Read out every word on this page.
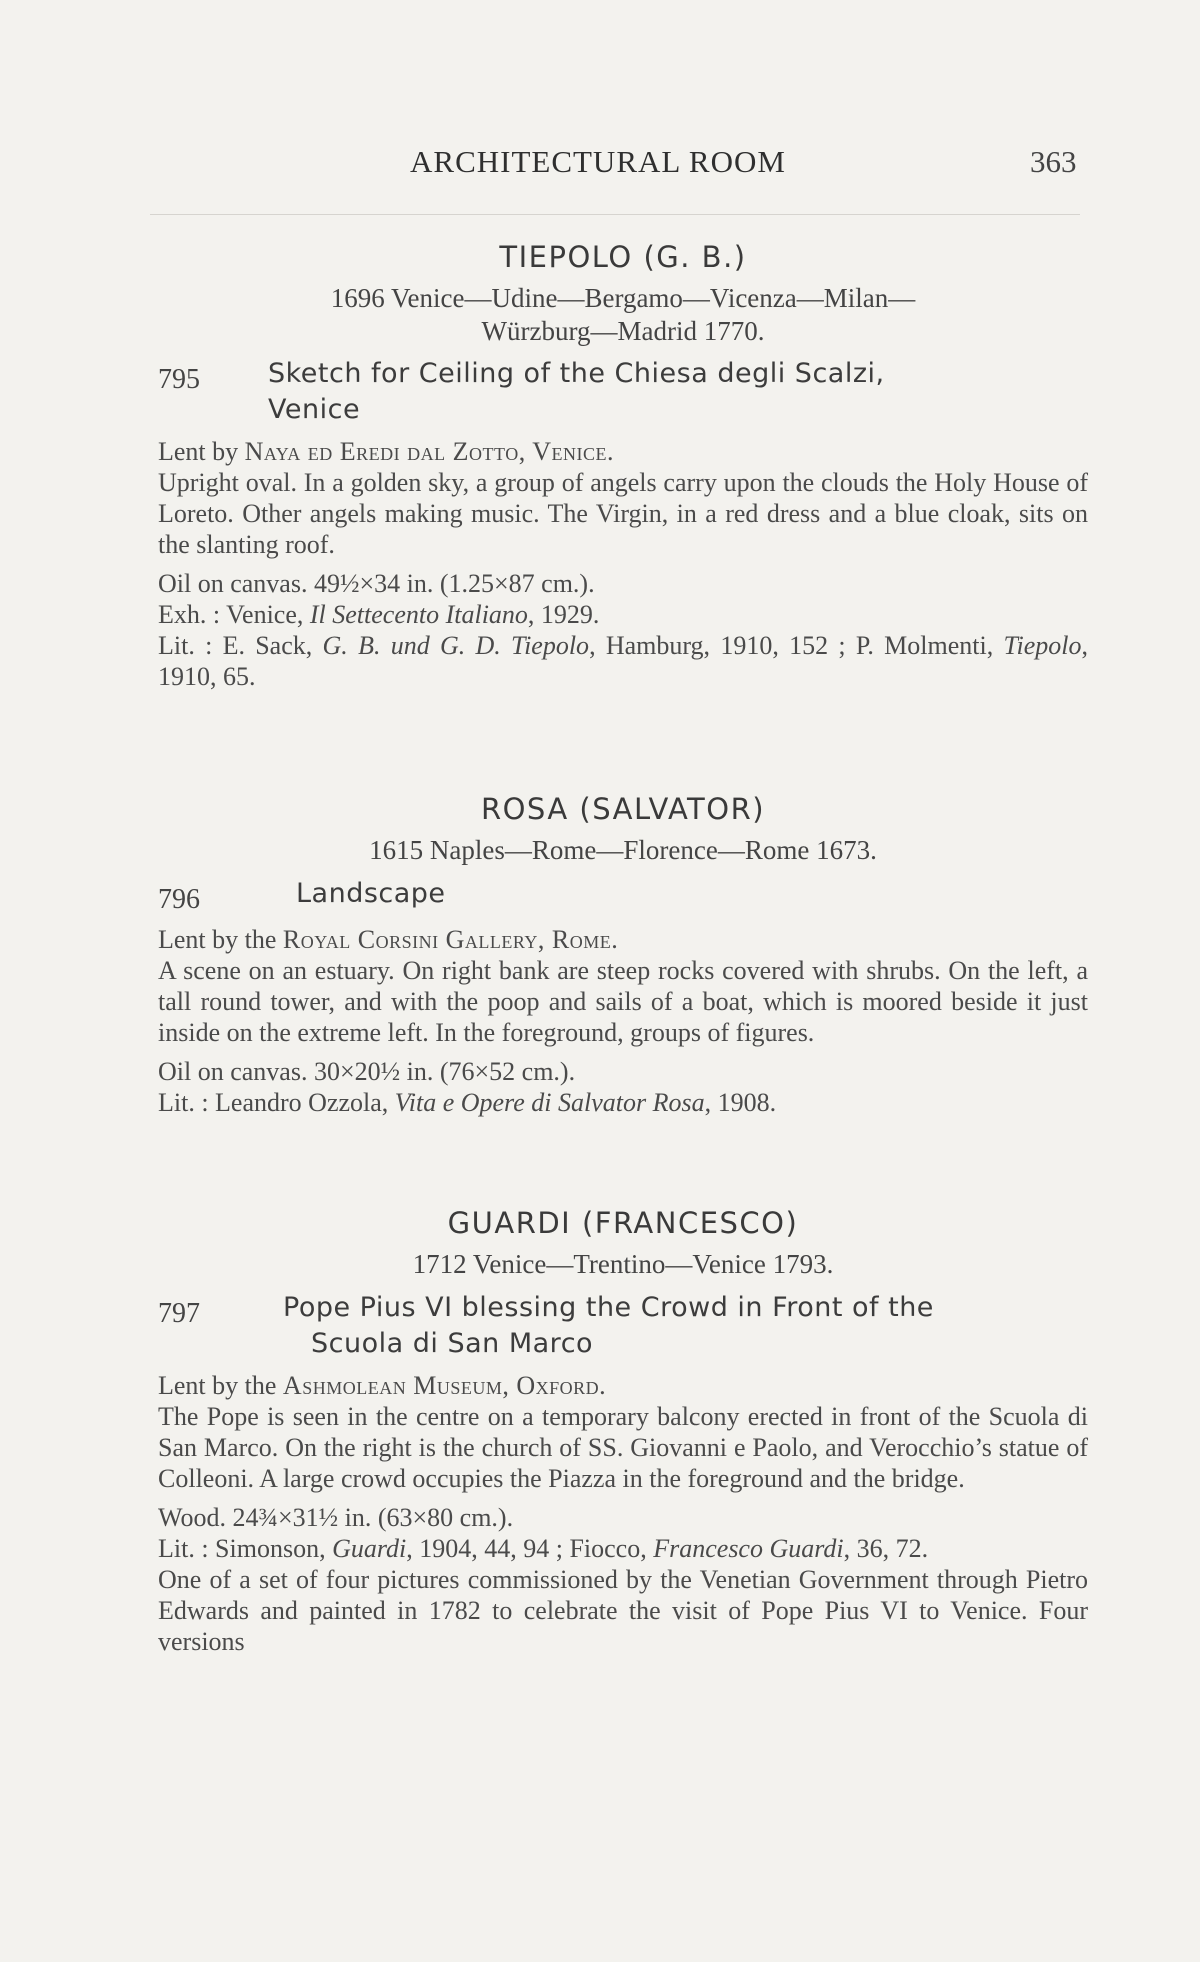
ARCHITECTURAL ROOM	363

TIEPOLO (G. B.)

1696 Venice—Udine—Bergamo—Vicenza—Milan—

Würzburg—Madrid 1770.

795	Sketch for Ceiling of the Chiesa degli Scalzi,
Venice

Lent by Naya ed Eredi dal Zotto, Venice.

Upright oval. In a golden sky, a group of angels carry upon the clouds the Holy House of Loreto. Other angels making music. The Virgin, in a red dress and a blue cloak, sits on the slanting roof.

Oil on canvas. 49½×34 in. (1.25×87 cm.).

Exh. : Venice, Il Settecento Italiano, 1929.

Lit. : E. Sack, G. B. und G. D. Tiepolo, Hamburg, 1910, 152 ; P. Molmenti, Tiepolo, 1910, 65.

ROSA (SALVATOR)

1615 Naples—Rome—Florence—Rome 1673.

796	Landscape

Lent by the Royal Corsini Gallery, Rome.

A scene on an estuary. On right bank are steep rocks covered with shrubs. On the left, a tall round tower, and with the poop and sails of a boat, which is moored beside it just inside on the extreme left. In the foreground, groups of figures.

Oil on canvas. 30×20½ in. (76×52 cm.).

Lit. : Leandro Ozzola, Vita e Opere di Salvator Rosa, 1908.

GUARDI (FRANCESCO)

1712 Venice—Trentino—Venice 1793.

797	Pope Pius VI blessing the Crowd in Front of the
Scuola di San Marco

Lent by the Ashmolean Museum, Oxford.

The Pope is seen in the centre on a temporary balcony erected in front of the Scuola di San Marco. On the right is the church of SS. Giovanni e Paolo, and Verocchio’s statue of Colleoni. A large crowd occupies the Piazza in the foreground and the bridge.

Wood. 24¾×31½ in. (63×80 cm.).

Lit. : Simonson, Guardi, 1904, 44, 94 ; Fiocco, Francesco Guardi, 36, 72.

One of a set of four pictures commissioned by the Venetian Government through Pietro Edwards and painted in 1782 to celebrate the visit of Pope Pius VI to Venice. Four versions
